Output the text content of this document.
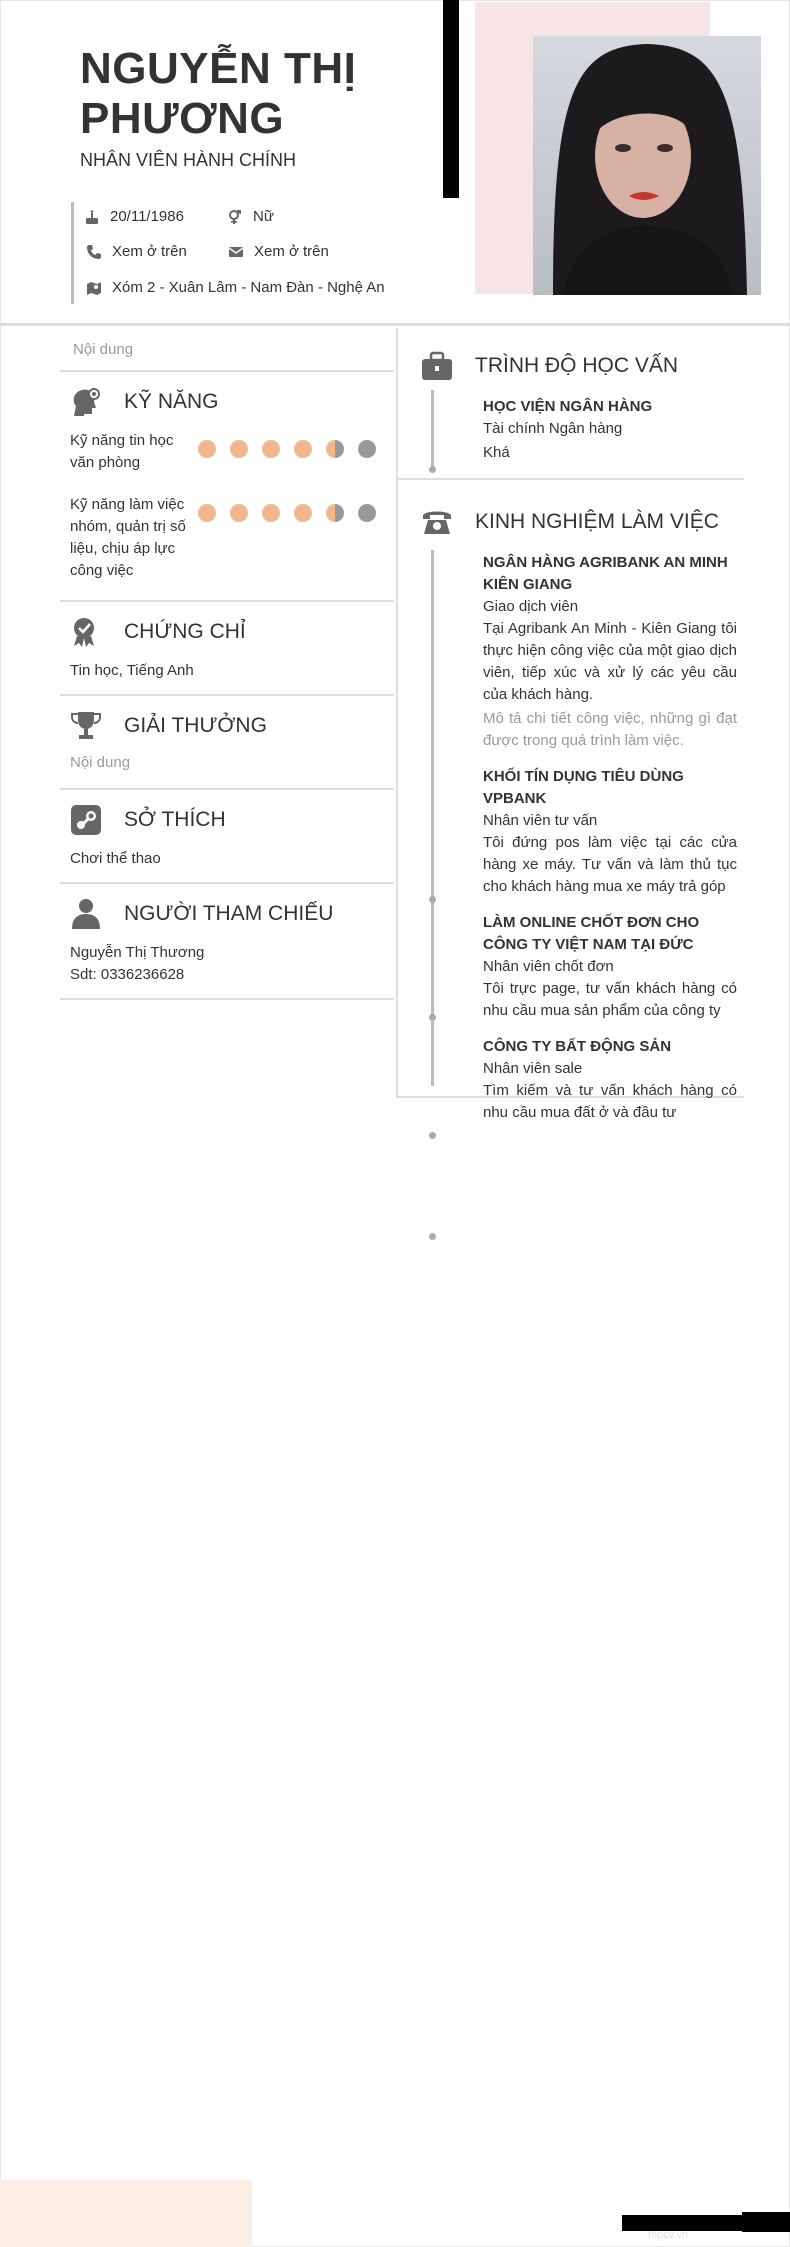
NGUYỄN THỊ PHƯƠNG
NHÂN VIÊN HÀNH CHÍNH
20/11/1986	Nữ
Xem ở trên	Xem ở trên
Xóm 2 - Xuân Lâm - Nam Đàn - Nghệ An
Nội dung
KỸ NĂNG
Kỹ năng tin học văn phòng
Kỹ năng làm việc nhóm, quản trị số liệu, chịu áp lực công việc
CHỨNG CHỈ
Tin học, Tiếng Anh
GIẢI THƯỞNG
Nội dung
SỞ THÍCH
Chơi thể thao
NGƯỜI THAM CHIẾU
Nguyễn Thị Thương
Sdt: 0336236628
TRÌNH ĐỘ HỌC VẤN
HỌC VIỆN NGÂN HÀNG

Tài chính Ngân hàng

Khá

KINH NGHIỆM LÀM VIỆC
NGÂN HÀNG AGRIBANK AN MINH KIÊN GIANG

Giao dịch viên

Tại Agribank An Minh - Kiên Giang tôi thực hiện công việc của một giao dịch viên, tiếp xúc và xử lý các yêu cầu của khách hàng.

Mô tả chi tiết công việc, những gì đạt được trong quá trình làm việc.

KHỐI TÍN DỤNG TIÊU DÙNG VPBANK

Nhân viên tư vấn

Tôi đứng pos làm việc tại các cửa hàng xe máy. Tư vấn và làm thủ tục cho khách hàng mua xe máy trả góp

LÀM ONLINE CHỐT ĐƠN CHO CÔNG TY VIỆT NAM TẠI ĐỨC

Nhân viên chốt đơn

Tôi trực page, tư vấn khách hàng có nhu cầu mua sản phẩm của công ty

CÔNG TY BẤT ĐỘNG SẢN

Nhân viên sale

Tìm kiếm và tư vấn khách hàng có nhu cầu mua đất ở và đầu tư

topcv.vn
